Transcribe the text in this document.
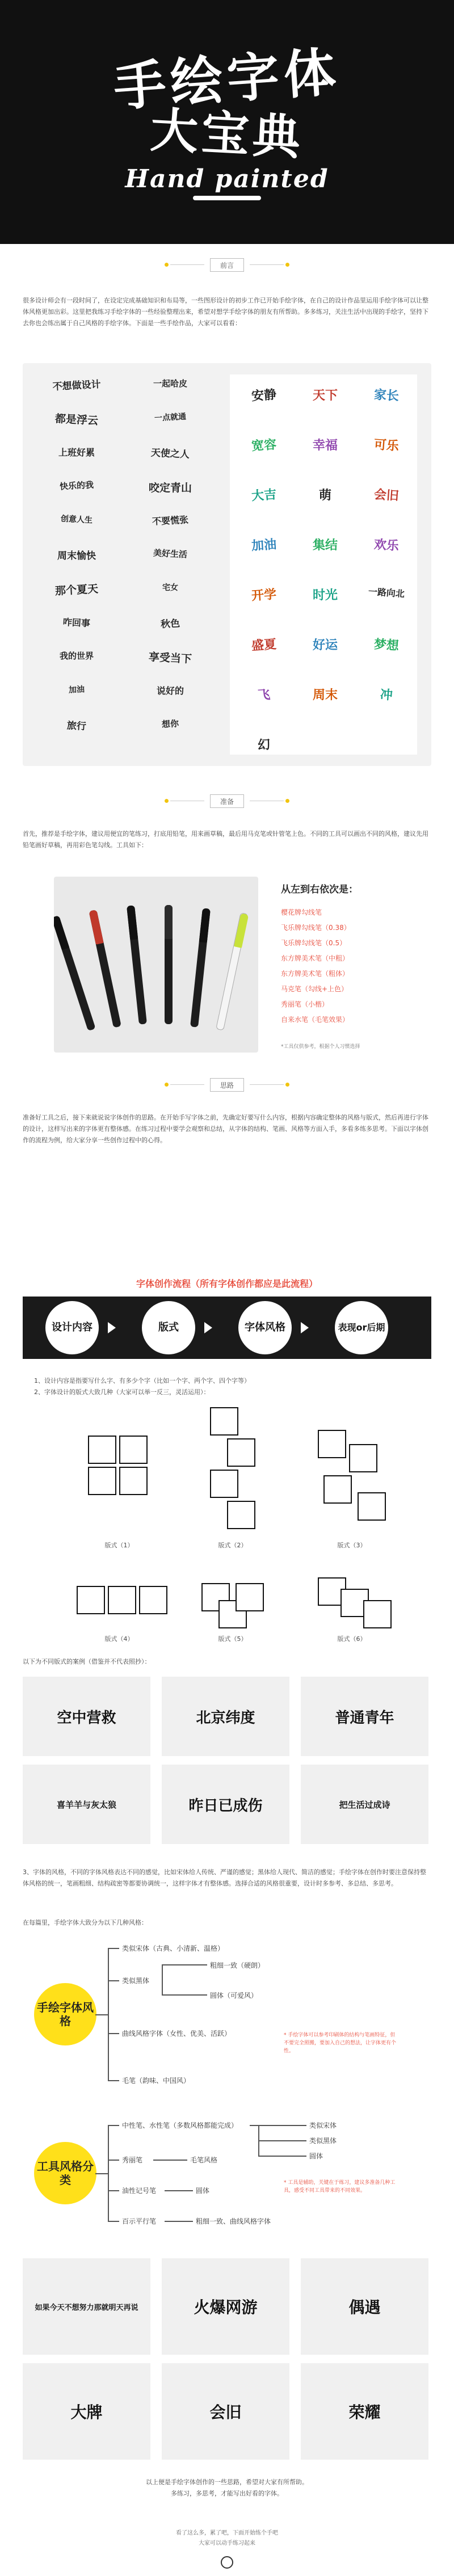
手绘字体
大宝典
Hand painted
前言
很多设计师会有一段时间了，在设定完成基础知识和布局等，一些图形设计的初步工作已开始手绘字体，在自己的设计作品里运用手绘字体可以让整体风格更加出彩。这里把我练习手绘字体的一些经验整理出来，希望对想学手绘字体的朋友有所帮助。多多练习，关注生活中出现的手绘字，坚持下去你也会练出属于自己风格的手绘字体。下面是一些手绘作品，大家可以看看：
不想做设计	一起哈皮
都是浮云	一点就通
上班好累	天使之人
快乐的我	咬定青山
创意人生	不要慌张
周末愉快	美好生活
那个夏天	宅女
咋回事	秋色
我的世界	享受当下
加油	说好的
旅行	想你
安静	天下	家长
宽容	幸福	可乐
大吉	萌	会旧
加油	集结	欢乐
开学	时光	一路向北
盛夏	好运	梦想
飞	周末	冲
幻
准备
首先，推荐是手绘字体，建议用便宜的笔练习，打底用铅笔，用来画草稿，最后用马克笔或针管笔上色。不同的工具可以画出不同的风格，建议先用铅笔画好草稿，再用彩色笔勾线。工具如下：
从左到右依次是：
樱花牌勾线笔
飞乐牌勾线笔（0.38）
飞乐牌勾线笔（0.5）
东方牌美术笔（中粗）
东方牌美术笔（粗体）
马克笔（勾线+上色）
秀丽笔（小楷）
自来水笔（毛笔效果）
*工具仅供参考，根据个人习惯选择
思路
准备好工具之后，接下来就说说字体创作的思路。在开始手写字体之前，先确定好要写什么内容，根据内容确定整体的风格与版式，然后再进行字体的设计，这样写出来的字体更有整体感。在练习过程中要学会观察和总结，从字体的结构、笔画、风格等方面入手，多看多练多思考。下面以字体创作的流程为例，给大家分享一些创作过程中的心得。
字体创作流程（所有字体创作都应是此流程）
设计内容	版式	字体风格	表现or后期
1、设计内容是指要写什么字、有多少个字（比如一个字、两个字、四个字等）
2、字体设计的版式大致几种（大家可以举一反三，灵活运用）：
版式（1）	版式（2）	版式（3）
版式（4）	版式（5）	版式（6）
以下为不同版式的案例（借鉴并不代表照抄）：
空中营救	北京纬度	普通青年
喜羊羊与灰太狼	昨日已成伤	把生活过成诗
3、字体的风格，不同的字体风格表达不同的感觉，比如宋体给人传统、严谨的感觉；黑体给人现代、简洁的感觉；手绘字体在创作时要注意保持整体风格的统一，笔画粗细、结构疏密等都要协调统一，这样字体才有整体感。选择合适的风格很重要，设计时多参考、多总结、多思考。
在每篇里，手绘字体大致分为以下几种风格：
手绘字体风格
类似宋体（古典、小清新、温格）
类似黑体
曲线风格字体（女性、优美、活跃）
毛笔（韵味、中国风）
粗细一致（硬朗）
圆体（可爱风）
* 手绘字体可以参考印刷体的结构与笔画特征，但不要完全照搬，要加入自己的想法，让字体更有个性。
工具风格分类
中性笔、水性笔（多数风格都能完成）
秀丽笔
油性记号笔
百示平行笔
类似宋体
类似黑体
圆体
毛笔风格
圆体
粗细一致、曲线风格字体
* 工具是辅助，关键在于练习，建议多准备几种工具，感受不同工具带来的不同效果。
如果今天不想努力那就明天再说	火爆网游	偶遇
大牌	会旧	荣耀
以上便是手绘字体创作的一些思路，希望对大家有所帮助。
多练习，多思考，才能写出好看的字体。
看了这么多，累了吧，下面开始练个手吧
大家可以动手练习起来
